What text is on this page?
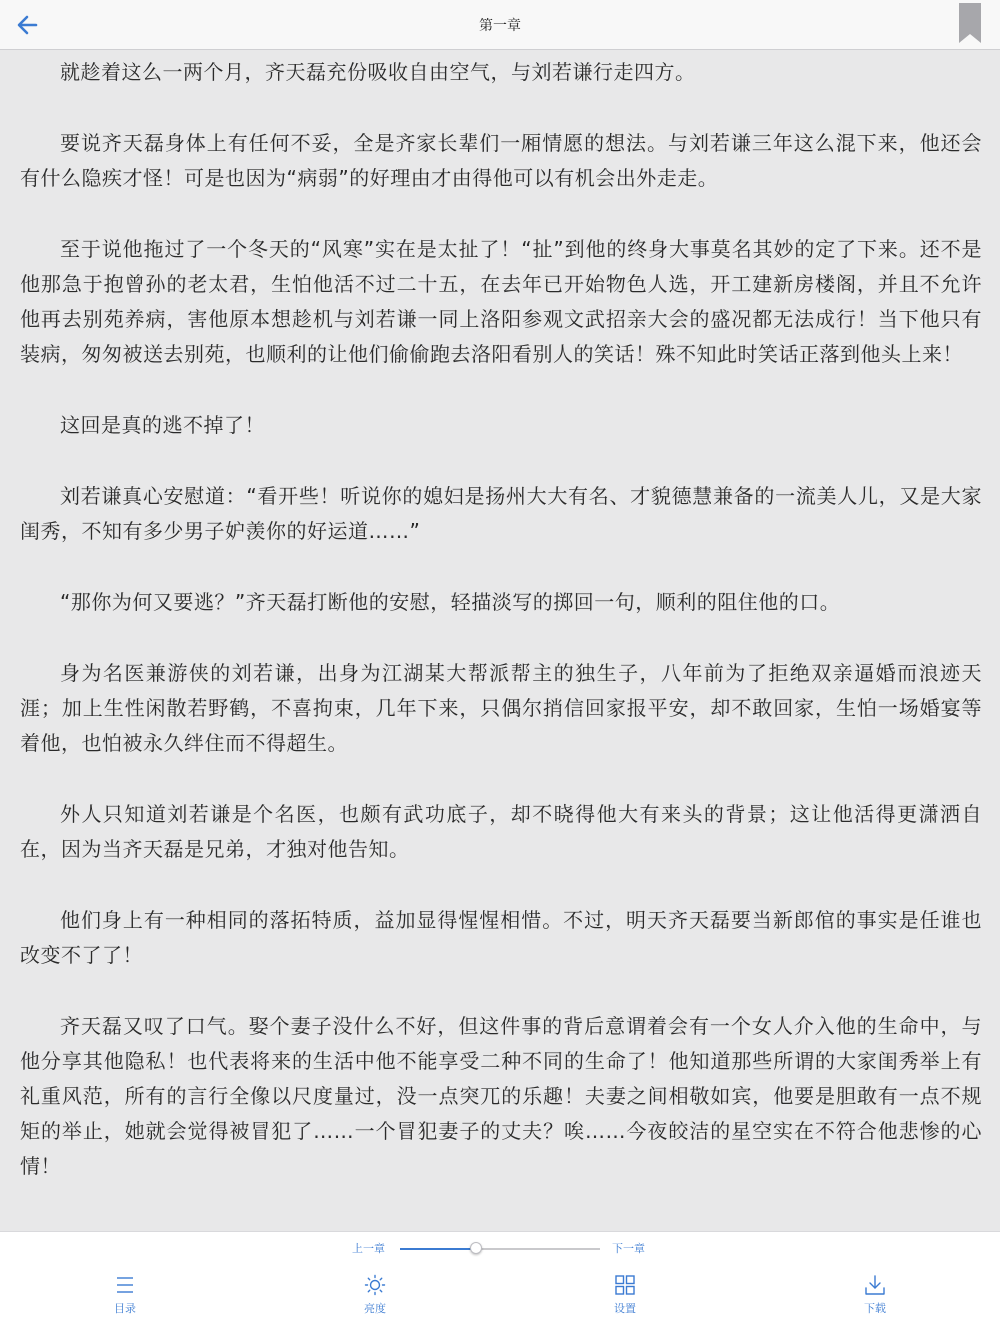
第一章

就趁着这么一两个月，齐天磊充份吸收自由空气，与刘若谦行走四方。

要说齐天磊身体上有任何不妥，全是齐家长辈们一厢情愿的想法。与刘若谦三年这么混下来，他还会有什么隐疾才怪！可是也因为“病弱”的好理由才由得他可以有机会出外走走。

至于说他拖过了一个冬天的“风寒”实在是太扯了！“扯”到他的终身大事莫名其妙的定了下来。还不是他那急于抱曾孙的老太君，生怕他活不过二十五，在去年已开始物色人选，开工建新房楼阁，并且不允许他再去别苑养病，害他原本想趁机与刘若谦一同上洛阳参观文武招亲大会的盛况都无法成行！当下他只有装病，匆匆被送去别苑，也顺利的让他们偷偷跑去洛阳看别人的笑话！殊不知此时笑话正落到他头上来！

这回是真的逃不掉了！

刘若谦真心安慰道：“看开些！听说你的媳妇是扬州大大有名、才貌德慧兼备的一流美人儿，又是大家闺秀，不知有多少男子妒羡你的好运道……”

“那你为何又要逃？”齐天磊打断他的安慰，轻描淡写的掷回一句，顺利的阻住他的口。

身为名医兼游侠的刘若谦，出身为江湖某大帮派帮主的独生子，八年前为了拒绝双亲逼婚而浪迹天涯；加上生性闲散若野鹤，不喜拘束，几年下来，只偶尔捎信回家报平安，却不敢回家，生怕一场婚宴等着他，也怕被永久绊住而不得超生。

外人只知道刘若谦是个名医，也颇有武功底子，却不晓得他大有来头的背景；这让他活得更潇洒自在，因为当齐天磊是兄弟，才独对他告知。

他们身上有一种相同的落拓特质，益加显得惺惺相惜。不过，明天齐天磊要当新郎倌的事实是任谁也改变不了了！

齐天磊又叹了口气。娶个妻子没什么不好，但这件事的背后意谓着会有一个女人介入他的生命中，与他分享其他隐私！也代表将来的生活中他不能享受二种不同的生命了！他知道那些所谓的大家闺秀举上有礼重风范，所有的言行全像以尺度量过，没一点突兀的乐趣！夫妻之间相敬如宾，他要是胆敢有一点不规矩的举止，她就会觉得被冒犯了……一个冒犯妻子的丈夫？唉……今夜皎洁的星空实在不符合他悲惨的心情！

上一章	下一章
目录	亮度	设置	下载
